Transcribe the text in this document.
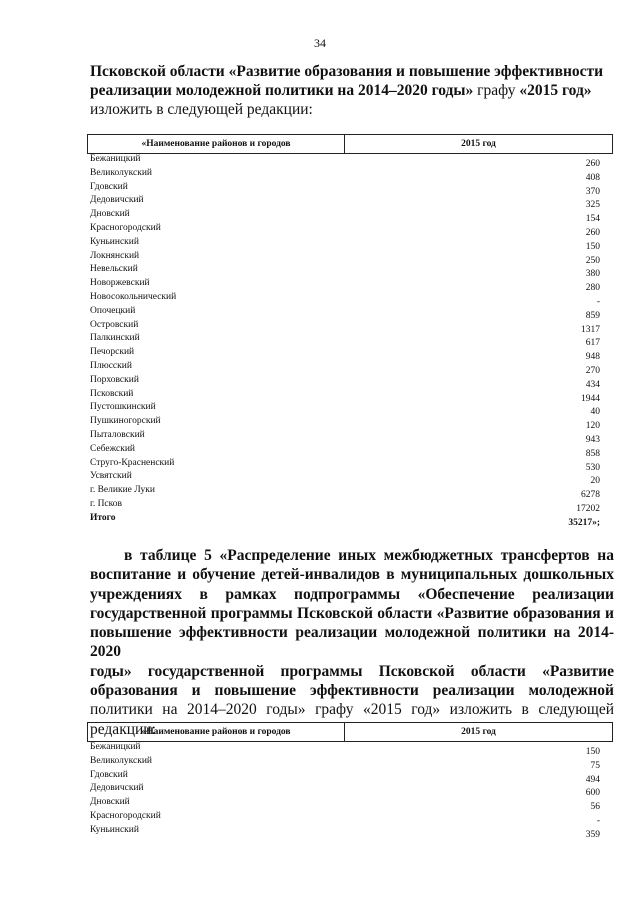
34
Псковской области «Развитие образования и повышение эффективности
реализации молодежной политики на 2014–2020 годы» графу «2015 год»
изложить в следующей редакции:
«Наименование районов и городов	2015 год
Бежаницкий	260
Великолукский	408
Гдовский	370
Дедовичский	325
Дновский	154
Красногородский	260
Куньинский	150
Локнянский	250
Невельский	380
Новоржевский	280
Новосокольнический	-
Опочецкий	859
Островский	1317
Палкинский	617
Печорский	948
Плюсский	270
Порховский	434
Псковский	1944
Пустошкинский	40
Пушкиногорский	120
Пыталовский	943
Себежский	858
Струго-Красненский	530
Усвятский	20
г. Великие Луки	6278
г. Псков	17202
Итого	35217»;
в таблице 5 «Распределение иных межбюджетных трансфертов на
воспитание и обучение детей-инвалидов в муниципальных дошкольных
учреждениях в рамках подпрограммы «Обеспечение реализации
государственной программы Псковской области «Развитие образования и
повышение эффективности реализации молодежной политики на 2014-2020
годы» государственной программы Псковской области «Развитие
образования и повышение эффективности реализации молодежной
политики на 2014–2020 годы» графу «2015 год» изложить в следующей
редакции:
«Наименование районов и городов	2015 год
Бежаницкий	150
Великолукский	75
Гдовский	494
Дедовичский	600
Дновский	56
Красногородский	-
Куньинский	359
